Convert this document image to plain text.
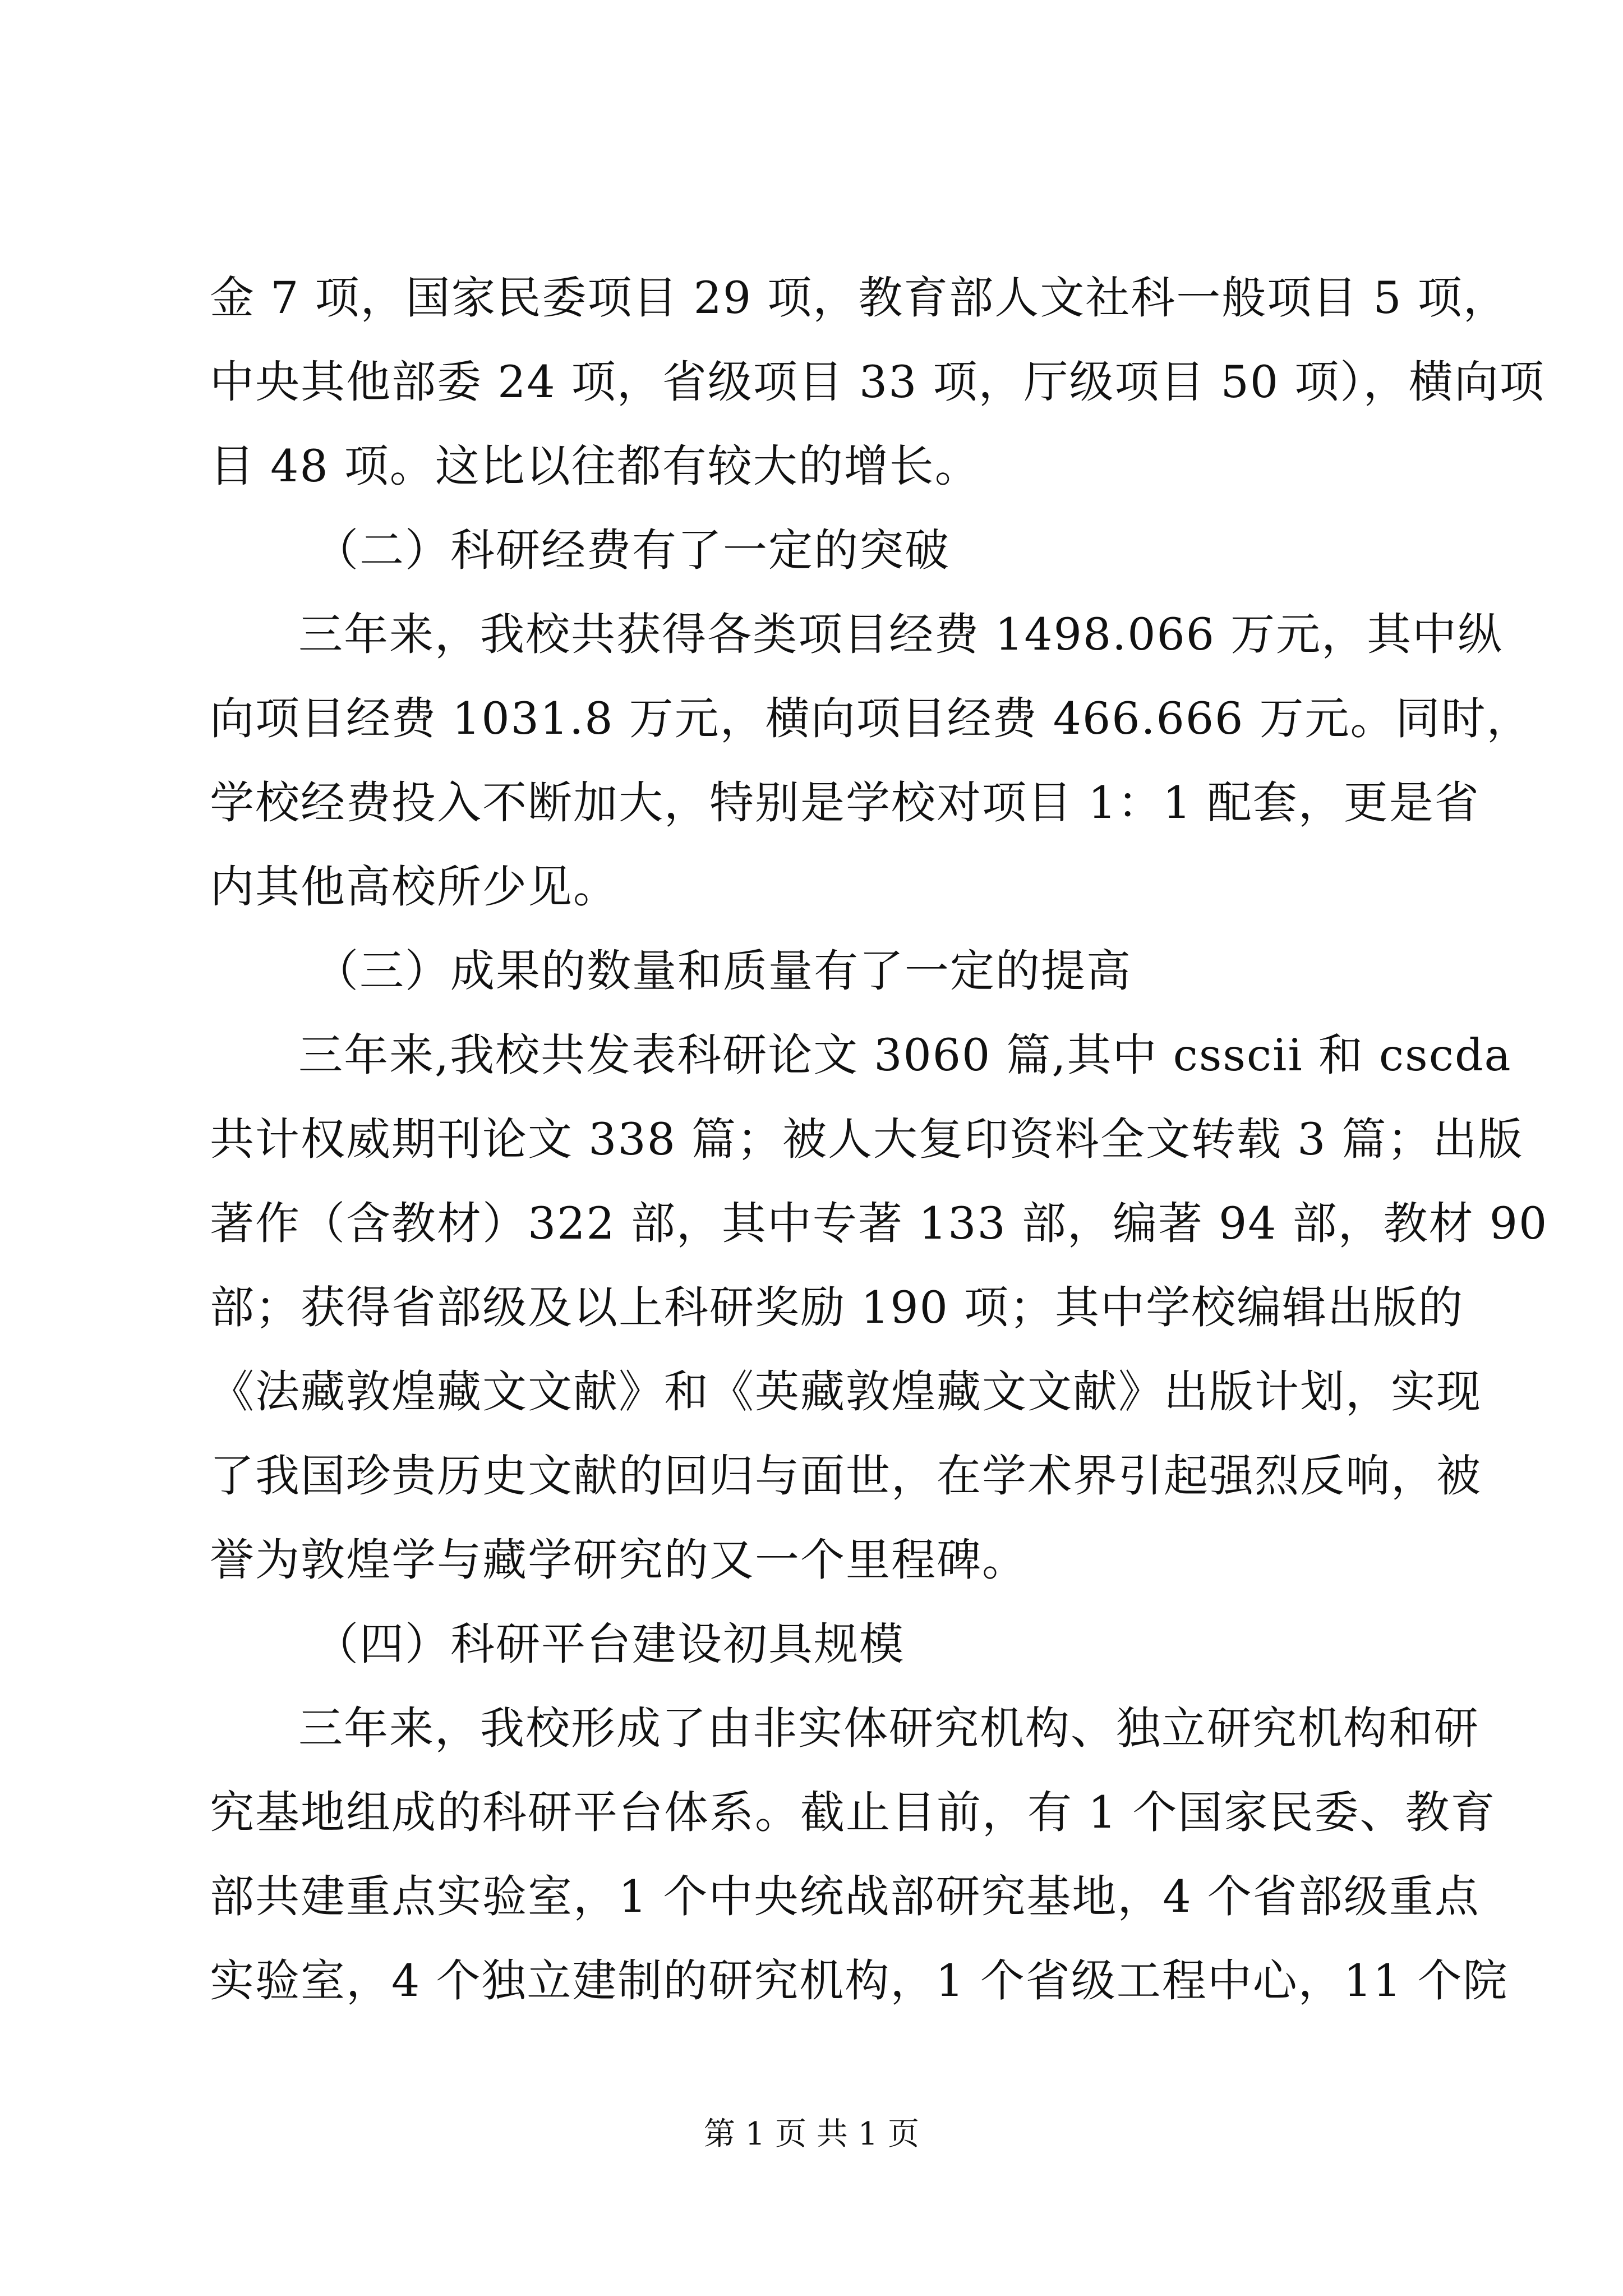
金 7 项，国家民委项目 29 项，教育部人文社科一般项目 5 项，
中央其他部委 24 项，省级项目 33 项，厅级项目 50 项），横向项
目 48 项。这比以往都有较大的增长。
（二）科研经费有了一定的突破
三年来，我校共获得各类项目经费 1498.066 万元，其中纵
向项目经费 1031.8 万元，横向项目经费 466.666 万元。同时，
学校经费投入不断加大，特别是学校对项目 1：1 配套，更是省
内其他高校所少见。
（三）成果的数量和质量有了一定的提高
三年来,我校共发表科研论文 3060 篇,其中 csscii 和 cscda
共计权威期刊论文 338 篇；被人大复印资料全文转载 3 篇；出版
著作（含教材）322 部，其中专著 133 部，编著 94 部，教材 90
部；获得省部级及以上科研奖励 190 项；其中学校编辑出版的
《法藏敦煌藏文文献》和《英藏敦煌藏文文献》出版计划，实现
了我国珍贵历史文献的回归与面世，在学术界引起强烈反响，被
誉为敦煌学与藏学研究的又一个里程碑。
（四）科研平台建设初具规模
三年来，我校形成了由非实体研究机构、独立研究机构和研
究基地组成的科研平台体系。截止目前，有 1 个国家民委、教育
部共建重点实验室，1 个中央统战部研究基地，4 个省部级重点
实验室，4 个独立建制的研究机构，1 个省级工程中心，11 个院
第 1 页 共 1 页
